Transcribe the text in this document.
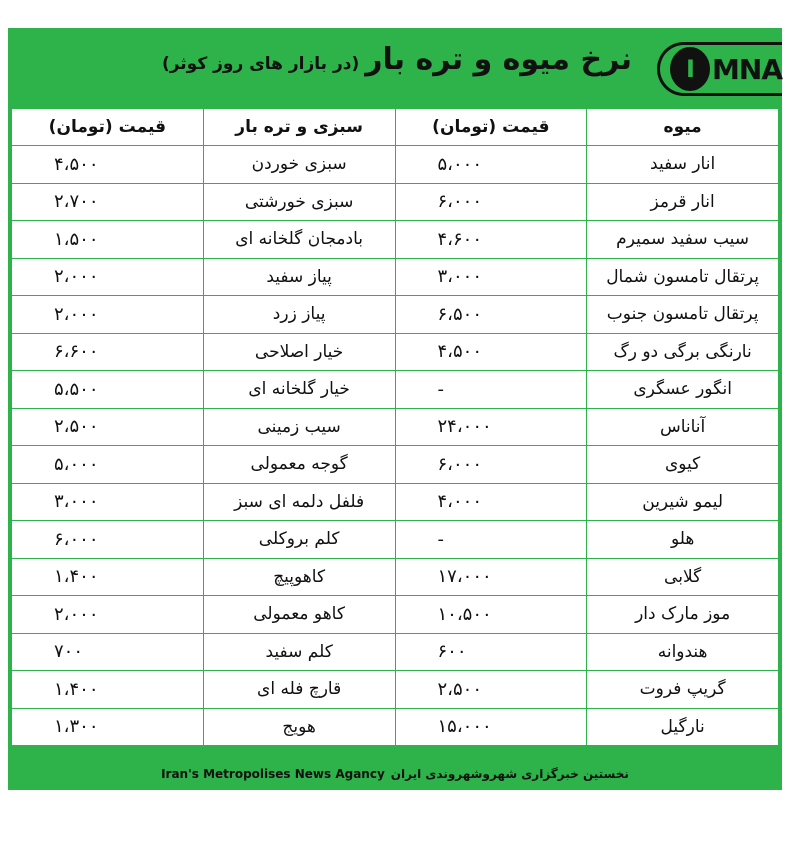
I MNA
نرخ میوه و تره بار(در بازار های روز کوثر)
میوه	قیمت (تومان)	سبزی و تره بار	قیمت (تومان)
انار سفید	۵،۰۰۰	سبزی خوردن	۴،۵۰۰
انار قرمز	۶،۰۰۰	سبزی خورشتی	۲،۷۰۰
سیب سفید سمیرم	۴،۶۰۰	بادمجان گلخانه ای	۱،۵۰۰
پرتقال تامسون شمال	۳،۰۰۰	پیاز سفید	۲،۰۰۰
پرتقال تامسون جنوب	۶،۵۰۰	پیاز زرد	۲،۰۰۰
نارنگی برگی دو رگ	۴،۵۰۰	خیار اصلاحی	۶،۶۰۰
انگور عسگری	-	خیار گلخانه ای	۵،۵۰۰
آناناس	۲۴،۰۰۰	سیب زمینی	۲،۵۰۰
کیوی	۶،۰۰۰	گوجه معمولی	۵،۰۰۰
لیمو شیرین	۴،۰۰۰	فلفل دلمه ای سبز	۳،۰۰۰
هلو	-	کلم بروکلی	۶،۰۰۰
گلابی	۱۷،۰۰۰	کاهوپیچ	۱،۴۰۰
موز مارک دار	۱۰،۵۰۰	کاهو معمولی	۲،۰۰۰
هندوانه	۶۰۰	کلم سفید	۷۰۰
گریپ فروت	۲،۵۰۰	قارچ فله ای	۱،۴۰۰
نارگیل	۱۵،۰۰۰	هویج	۱،۳۰۰
نخستین خبرگزاری شهروشهروندی ایران
Iran's Metropolises News Agancy
